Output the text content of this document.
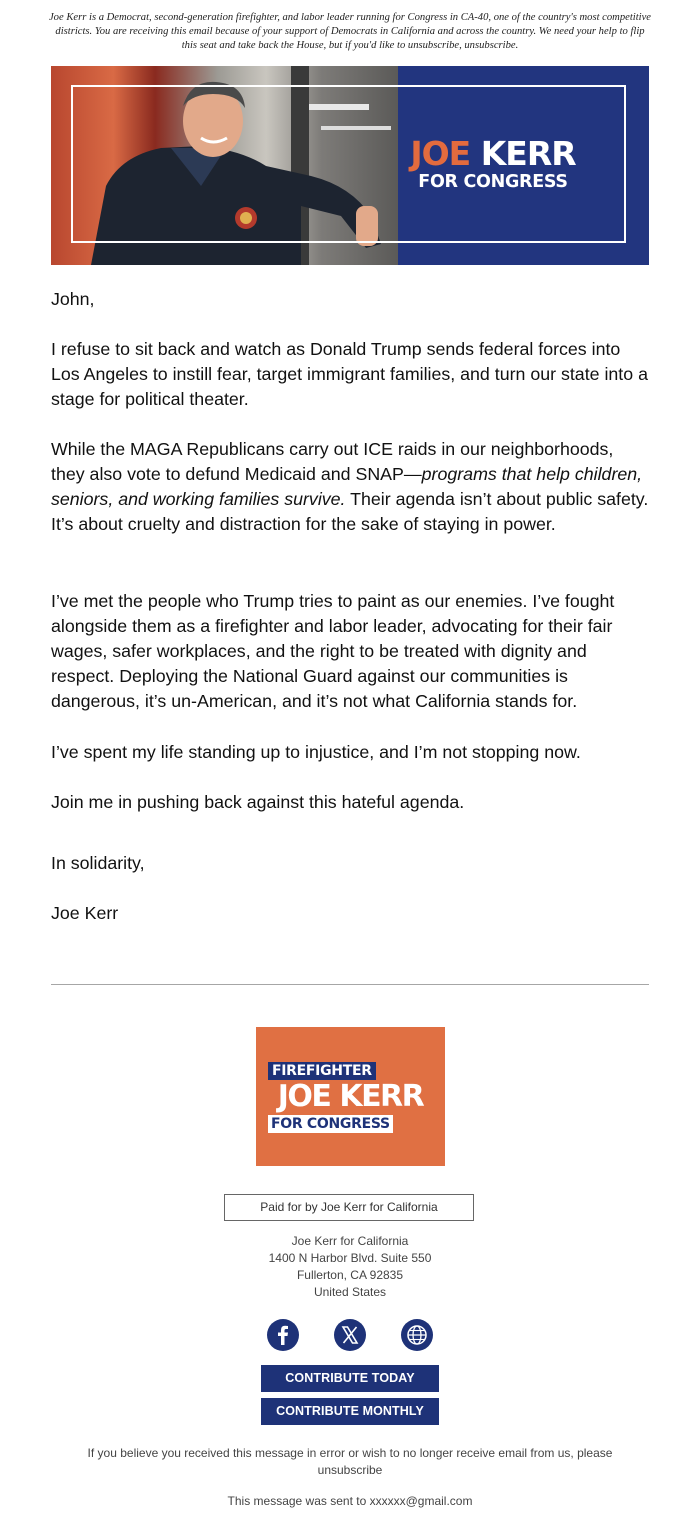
Joe Kerr is a Democrat, second-generation firefighter, and labor leader running for Congress in CA-40, one of the country's most competitive districts. You are receiving this email because of your support of Democrats in California and across the country. We need your help to flip this seat and take back the House, but if you'd like to unsubscribe, unsubscribe.
JOE KERR
FOR CONGRESS
John,
I refuse to sit back and watch as Donald Trump sends federal forces into Los Angeles to instill fear, target immigrant families, and turn our state into a stage for political theater.
While the MAGA Republicans carry out ICE raids in our neighborhoods, they also vote to defund Medicaid and SNAP—programs that help children, seniors, and working families survive. Their agenda isn’t about public safety. It’s about cruelty and distraction for the sake of staying in power.
I’ve met the people who Trump tries to paint as our enemies. I’ve fought alongside them as a firefighter and labor leader, advocating for their fair wages, safer workplaces, and the right to be treated with dignity and respect. Deploying the National Guard against our communities is dangerous, it’s un-American, and it’s not what California stands for.
I’ve spent my life standing up to injustice, and I’m not stopping now.
Join me in pushing back against this hateful agenda.
In solidarity,
Joe Kerr
FIREFIGHTER
JOE KERR
FOR CONGRESS
Paid for by Joe Kerr for California
Joe Kerr for California
1400 N Harbor Blvd. Suite 550
Fullerton, CA 92835
United States
CONTRIBUTE TODAY
CONTRIBUTE MONTHLY
If you believe you received this message in error or wish to no longer receive email from us, please unsubscribe
This message was sent to xxxxxx@gmail.com
